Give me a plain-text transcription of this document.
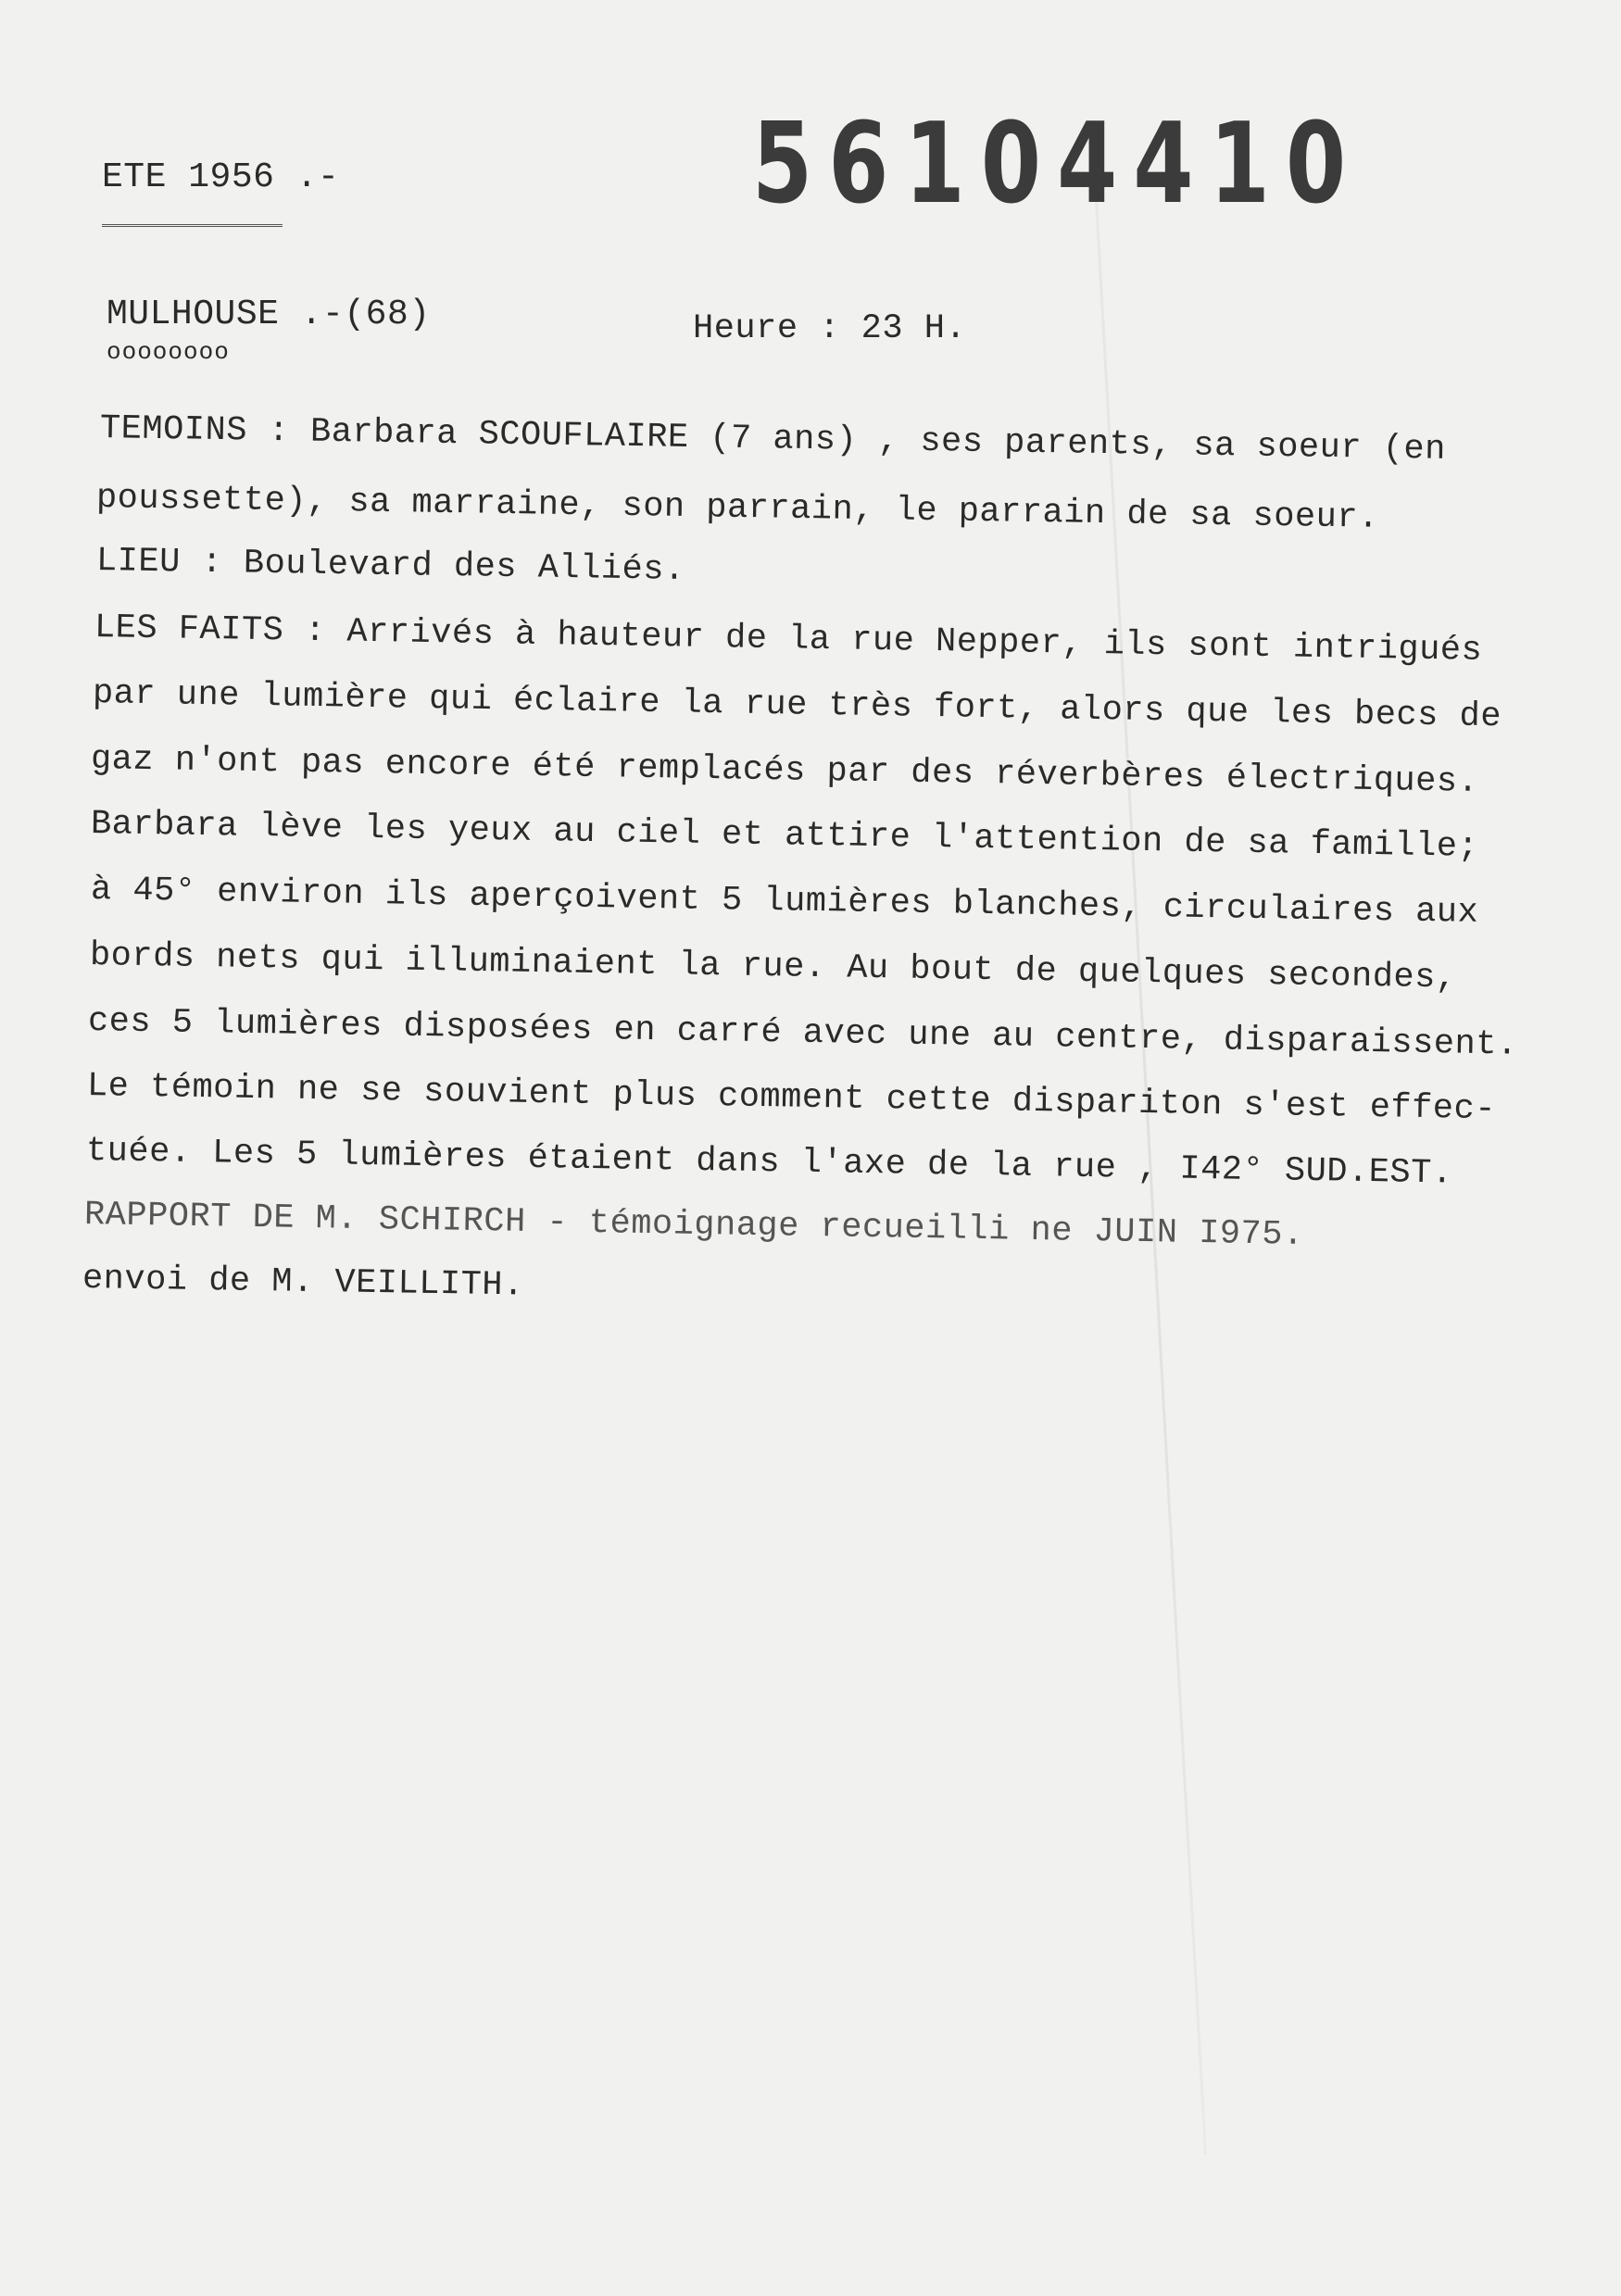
56104410
ETE 1956 .-
MULHOUSE .-(68)
oooooooo
Heure : 23 H.
TEMOINS : Barbara SCOUFLAIRE (7 ans) , ses parents, sa soeur (en
poussette), sa marraine, son parrain, le parrain de sa soeur.
LIEU : Boulevard des Alliés.
LES FAITS : Arrivés à hauteur de la rue Nepper, ils sont intrigués
par une lumière qui éclaire la rue très fort, alors que les becs de
gaz n'ont pas encore été remplacés par des réverbères électriques.
Barbara lève les yeux au ciel et attire l'attention de sa famille;
à 45° environ ils aperçoivent 5 lumières blanches, circulaires aux
bords nets qui illuminaient la rue. Au bout de quelques secondes,
ces 5 lumières disposées en carré avec une au centre, disparaissent.
Le témoin ne se souvient plus comment cette dispariton s'est effec-
tuée. Les 5 lumières étaient dans l'axe de la rue , I42° SUD.EST.
RAPPORT DE M. SCHIRCH - témoignage recueilli ne JUIN I975.
envoi de M. VEILLITH.
